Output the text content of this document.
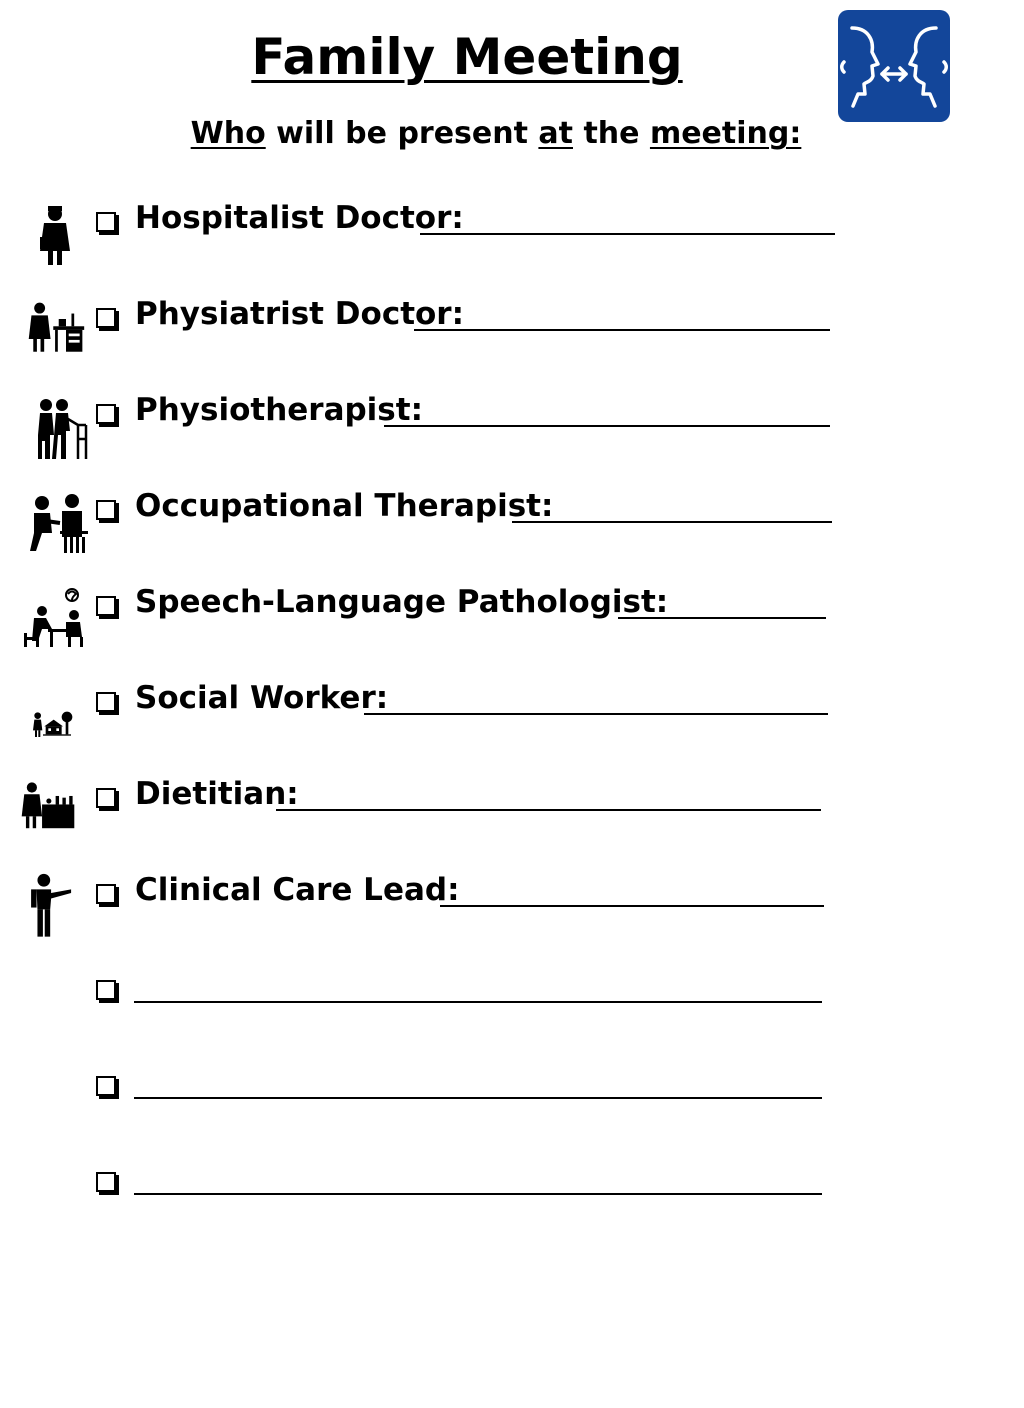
Family Meeting

Who will be present at the meeting:

Hospitalist Doctor:
Physiatrist Doctor:
Physiotherapist:
Occupational Therapist:
Speech-Language Pathologist:
Social Worker:
Dietitian:
Clinical Care Lead:
